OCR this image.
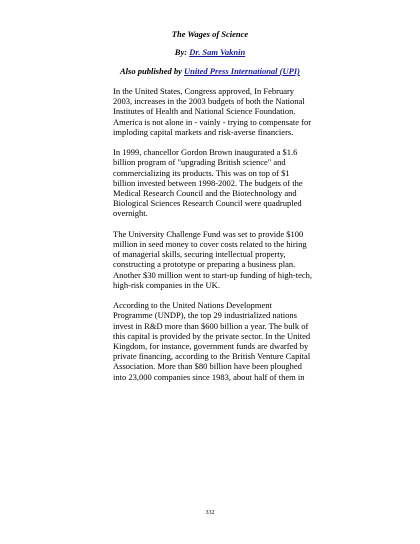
The Wages of Science
By: Dr. Sam Vaknin
Also published by United Press International (UPI)
In the United States, Congress approved, In February
2003, increases in the 2003 budgets of both the National
Institutes of Health and National Science Foundation.
America is not alone in - vainly - trying to compensate for
imploding capital markets and risk-averse financiers.
In 1999, chancellor Gordon Brown inaugurated a $1.6
billion program of "upgrading British science" and
commercializing its products. This was on top of $1
billion invested between 1998-2002. The budgets of the
Medical Research Council and the Biotechnology and
Biological Sciences Research Council were quadrupled
overnight.
The University Challenge Fund was set to provide $100
million in seed money to cover costs related to the hiring
of managerial skills, securing intellectual property,
constructing a prototype or preparing a business plan.
Another $30 million went to start-up funding of high-tech,
high-risk companies in the UK.
According to the United Nations Development
Programme (UNDP), the top 29 industrialized nations
invest in R&D more than $600 billion a year. The bulk of
this capital is provided by the private sector. In the United
Kingdom, for instance, government funds are dwarfed by
private financing, according to the British Venture Capital
Association. More than $80 billion have been ploughed
into 23,000 companies since 1983, about half of them in
332
